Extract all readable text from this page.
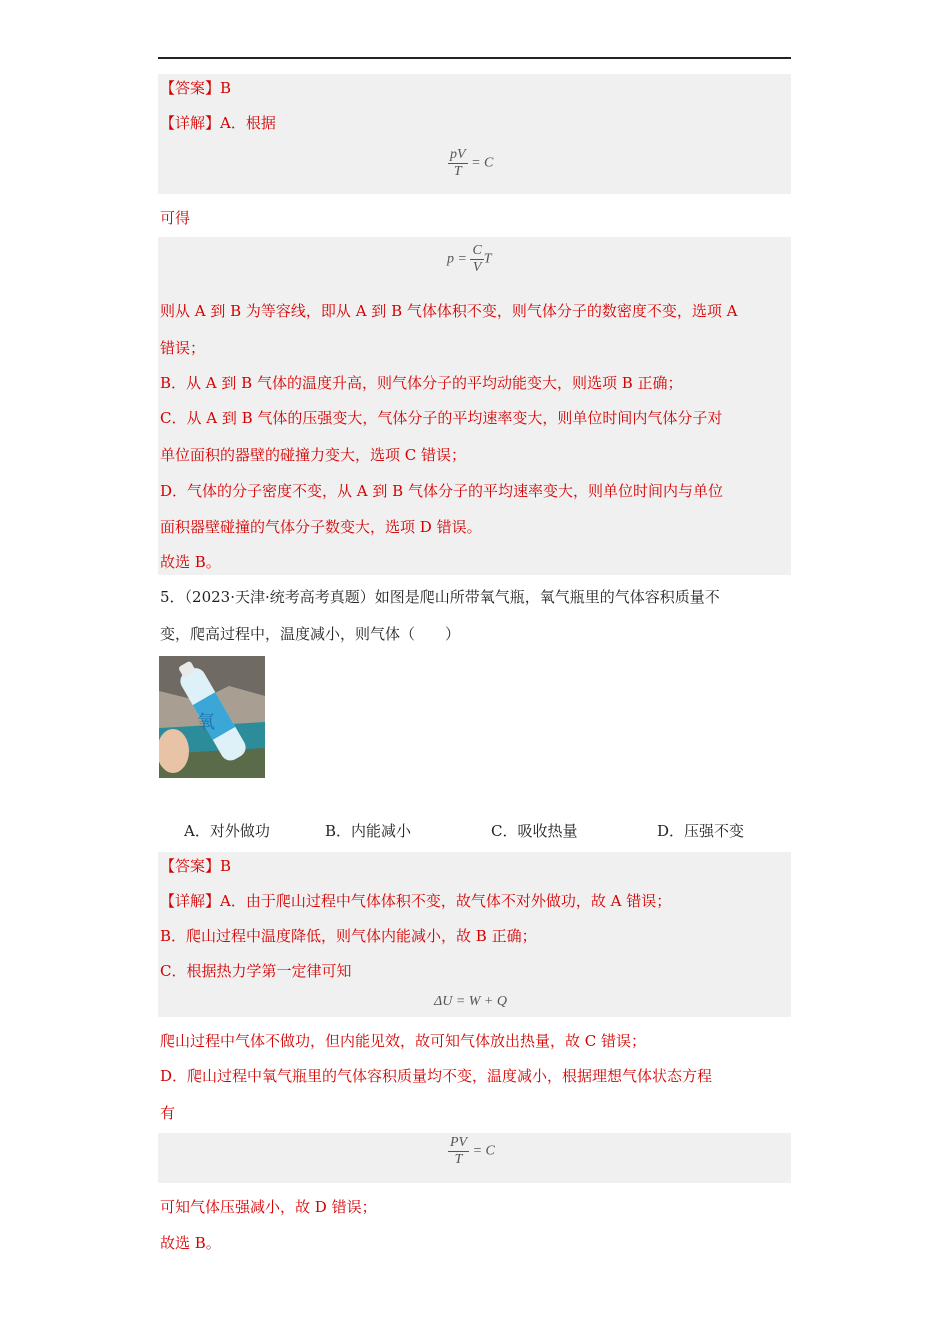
【答案】B
【详解】A．根据
$\frac{pV}{T} = C$
可得
$p = \frac{C}{V}$ T
则从 A 到 B 为等容线，即从 A 到 B 气体体积不变，则气体分子的数密度不变，选项 A
错误；
B．从 A 到 B 气体的温度升高，则气体分子的平均动能变大，则选项 B 正确；
C．从 A 到 B 气体的压强变大，气体分子的平均速率变大，则单位时间内气体分子对
单位面积的器壁的碰撞力变大，选项 C 错误；
D．气体的分子密度不变，从 A 到 B 气体分子的平均速率变大，则单位时间内与单位
面积器壁碰撞的气体分子数变大，选项 D 错误。
故选 B。
5．（2023·天津·统考高考真题）如图是爬山所带氧气瓶，氧气瓶里的气体容积质量不
变，爬高过程中，温度减小，则气体（　　）
氧
A．对外做功	B．内能减小	C．吸收热量	D．压强不变
【答案】B
【详解】A．由于爬山过程中气体体积不变，故气体不对外做功，故 A 错误；
B．爬山过程中温度降低，则气体内能减小，故 B 正确；
C．根据热力学第一定律可知
ΔU = W + Q
爬山过程中气体不做功，但内能见效，故可知气体放出热量，故 C 错误；
D．爬山过程中氧气瓶里的气体容积质量均不变，温度减小，根据理想气体状态方程
有
$\frac{PV}{T} = C$
可知气体压强减小，故 D 错误；
故选 B。
